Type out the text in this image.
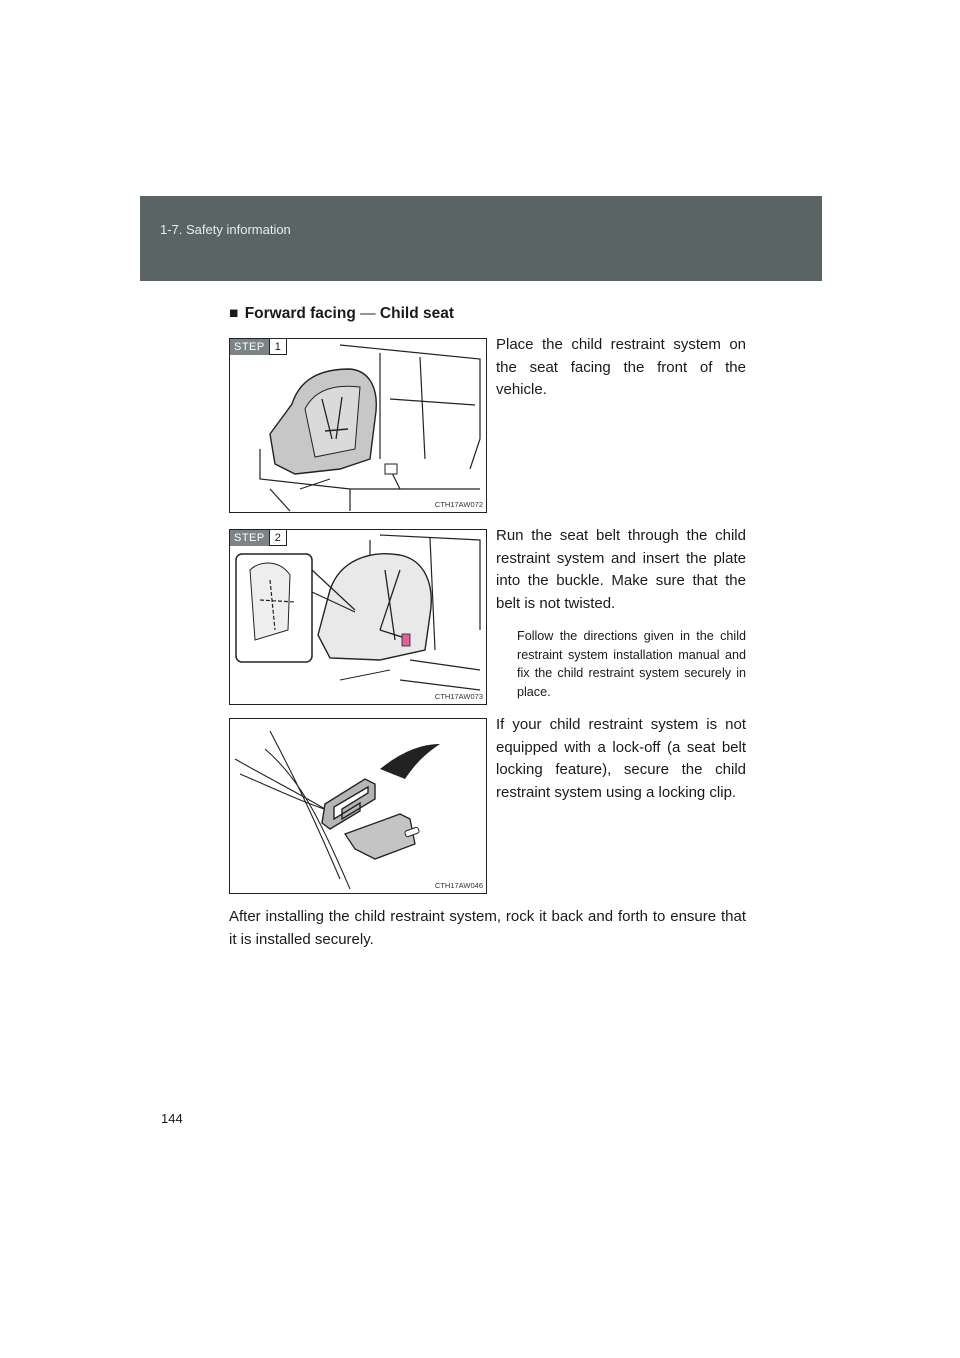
1-7. Safety information
■ Forward facing — Child seat
STEP 1
CTH17AW072
Place the child restraint system on the seat facing the front of the vehicle.
STEP 2
CTH17AW073
Run the seat belt through the child restraint system and insert the plate into the buckle. Make sure that the belt is not twisted.
Follow the directions given in the child restraint system installation manual and fix the child restraint system securely in place.
CTH17AW046
If your child restraint system is not equipped with a lock-off (a seat belt locking feature), secure the child restraint system using a locking clip.
After installing the child restraint system, rock it back and forth to ensure that it is installed securely.
144
